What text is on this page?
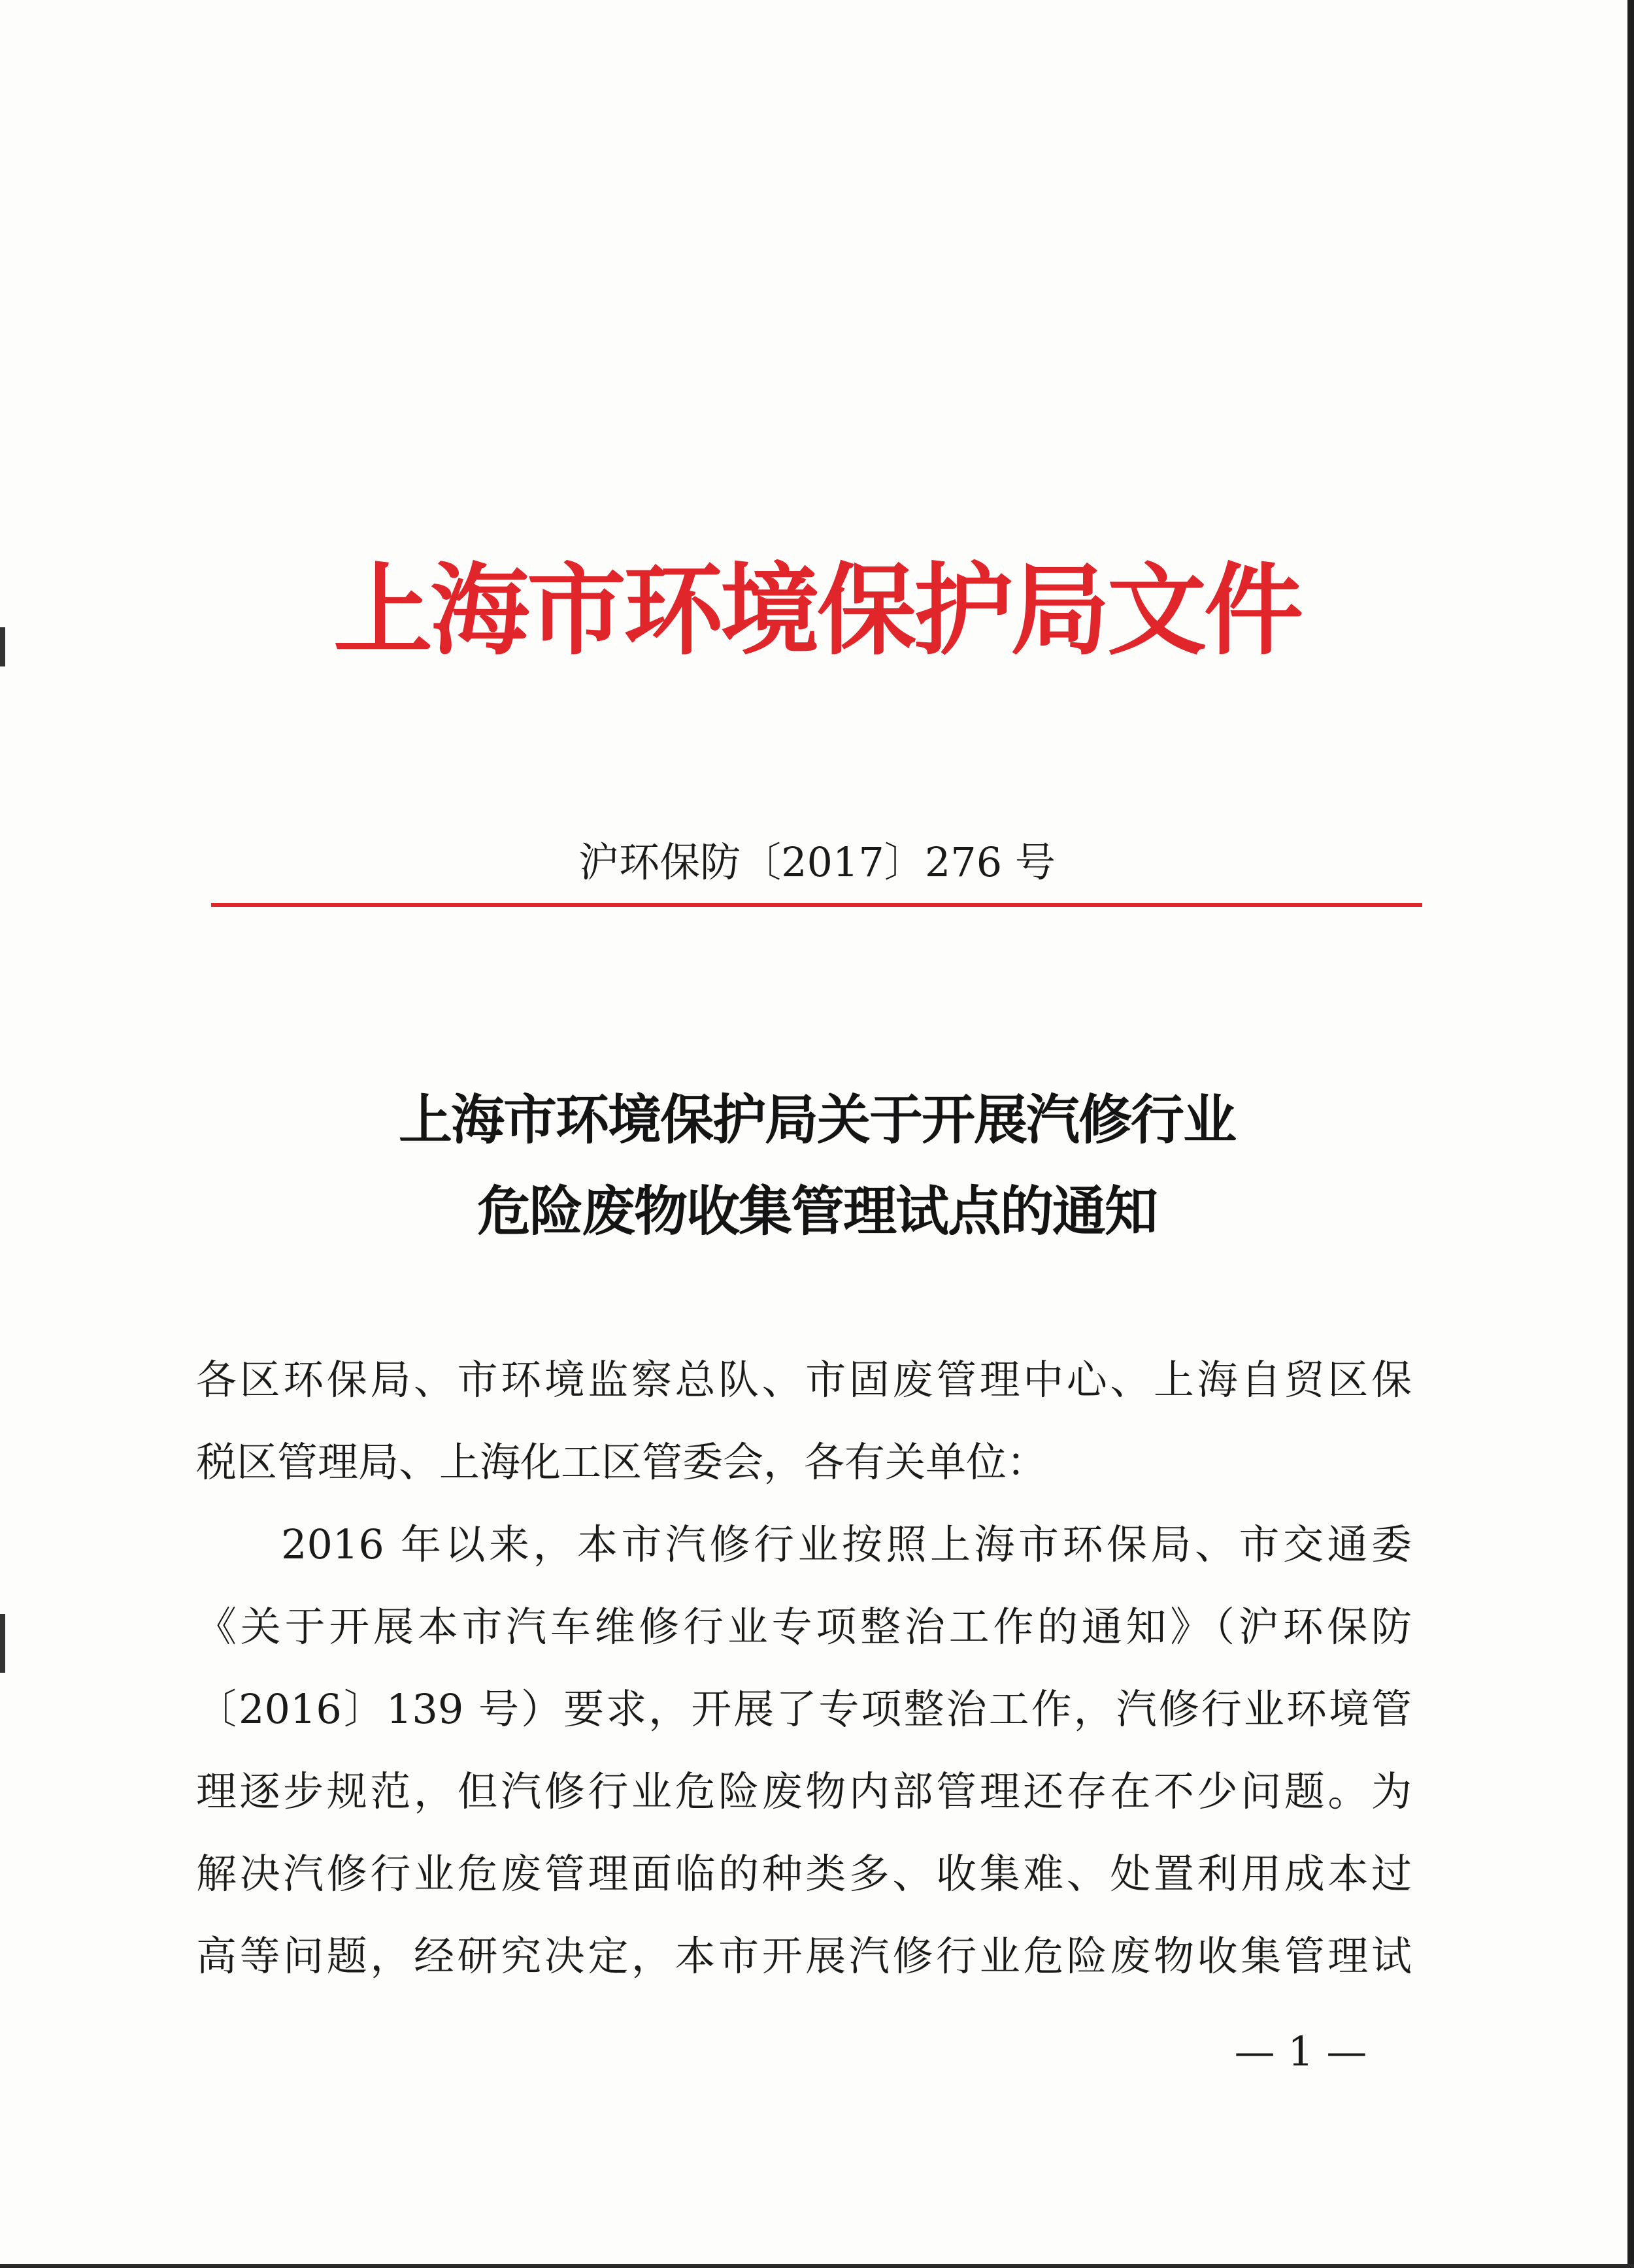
上海市环境保护局文件
沪环保防〔2017〕276 号
上海市环境保护局关于开展汽修行业
危险废物收集管理试点的通知
各区环保局、市环境监察总队、市固废管理中心、上海自贸区保
税区管理局、上海化工区管委会，各有关单位：
2016 年以来，本市汽修行业按照上海市环保局、市交通委
《关于开展本市汽车维修行业专项整治工作的通知》（沪环保防
〔2016〕139 号）要求，开展了专项整治工作，汽修行业环境管
理逐步规范，但汽修行业危险废物内部管理还存在不少问题。为
解决汽修行业危废管理面临的种类多、收集难、处置利用成本过
高等问题，经研究决定，本市开展汽修行业危险废物收集管理试
— 1 —
